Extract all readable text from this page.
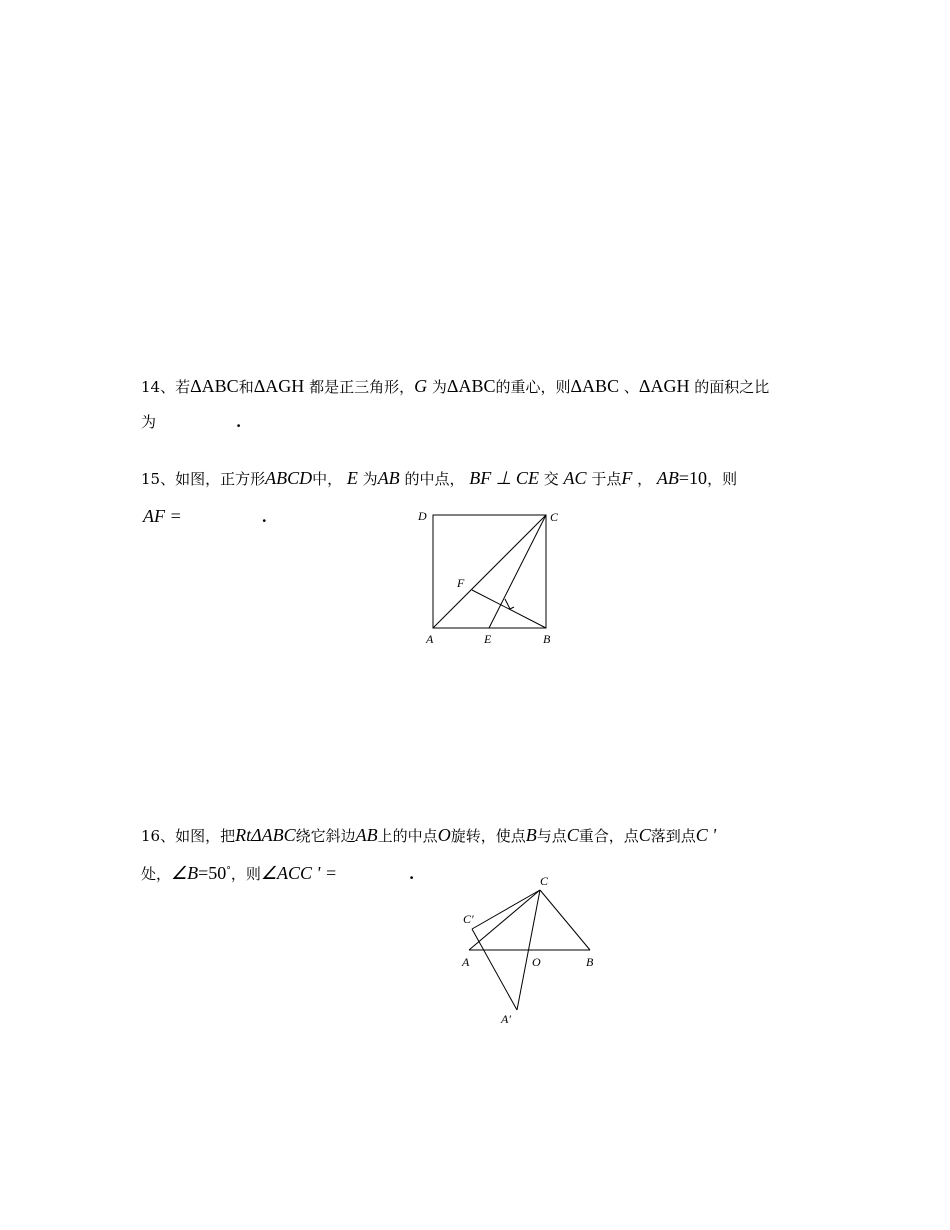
14、若ΔABC和ΔAGH 都是正三角形，G 为ΔABC的重心，则ΔABC 、ΔAGH 的面积之比
为	.
15、如图，正方形ABCD中， E 为AB 的中点， BF ⊥ CE 交 AC 于点F ， AB=10，则
AF =	.	D	C
F
A	E	B
16、如图，把RtΔABC绕它斜边AB上的中点O旋转，使点B与点C重合，点C落到点C '
处，∠B=50°，则∠ACC ' =	.	C
C′
A	O	B
A′
